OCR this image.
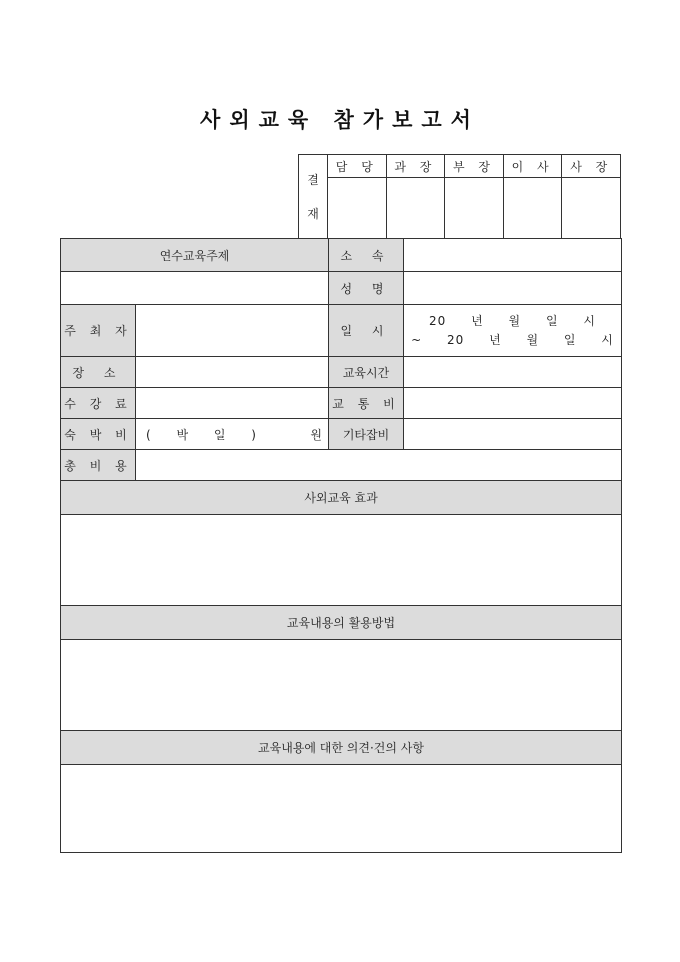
사외교육 참가보고서
결
재	담 당	과 장	부 장	이 사	사 장

연수교육주제		소 속	
		성 명	
주 최 자		일 시	20 년 월 일 시
~ 20 년 월 일 시

장 소		교육시간	
수 강 료		교 통 비	
숙 박 비	( 박 일 ) 원	기타잡비	
총 비 용			
사외교육 효과			

교육내용의 활용방법			

교육내용에 대한 의견·건의 사항			
